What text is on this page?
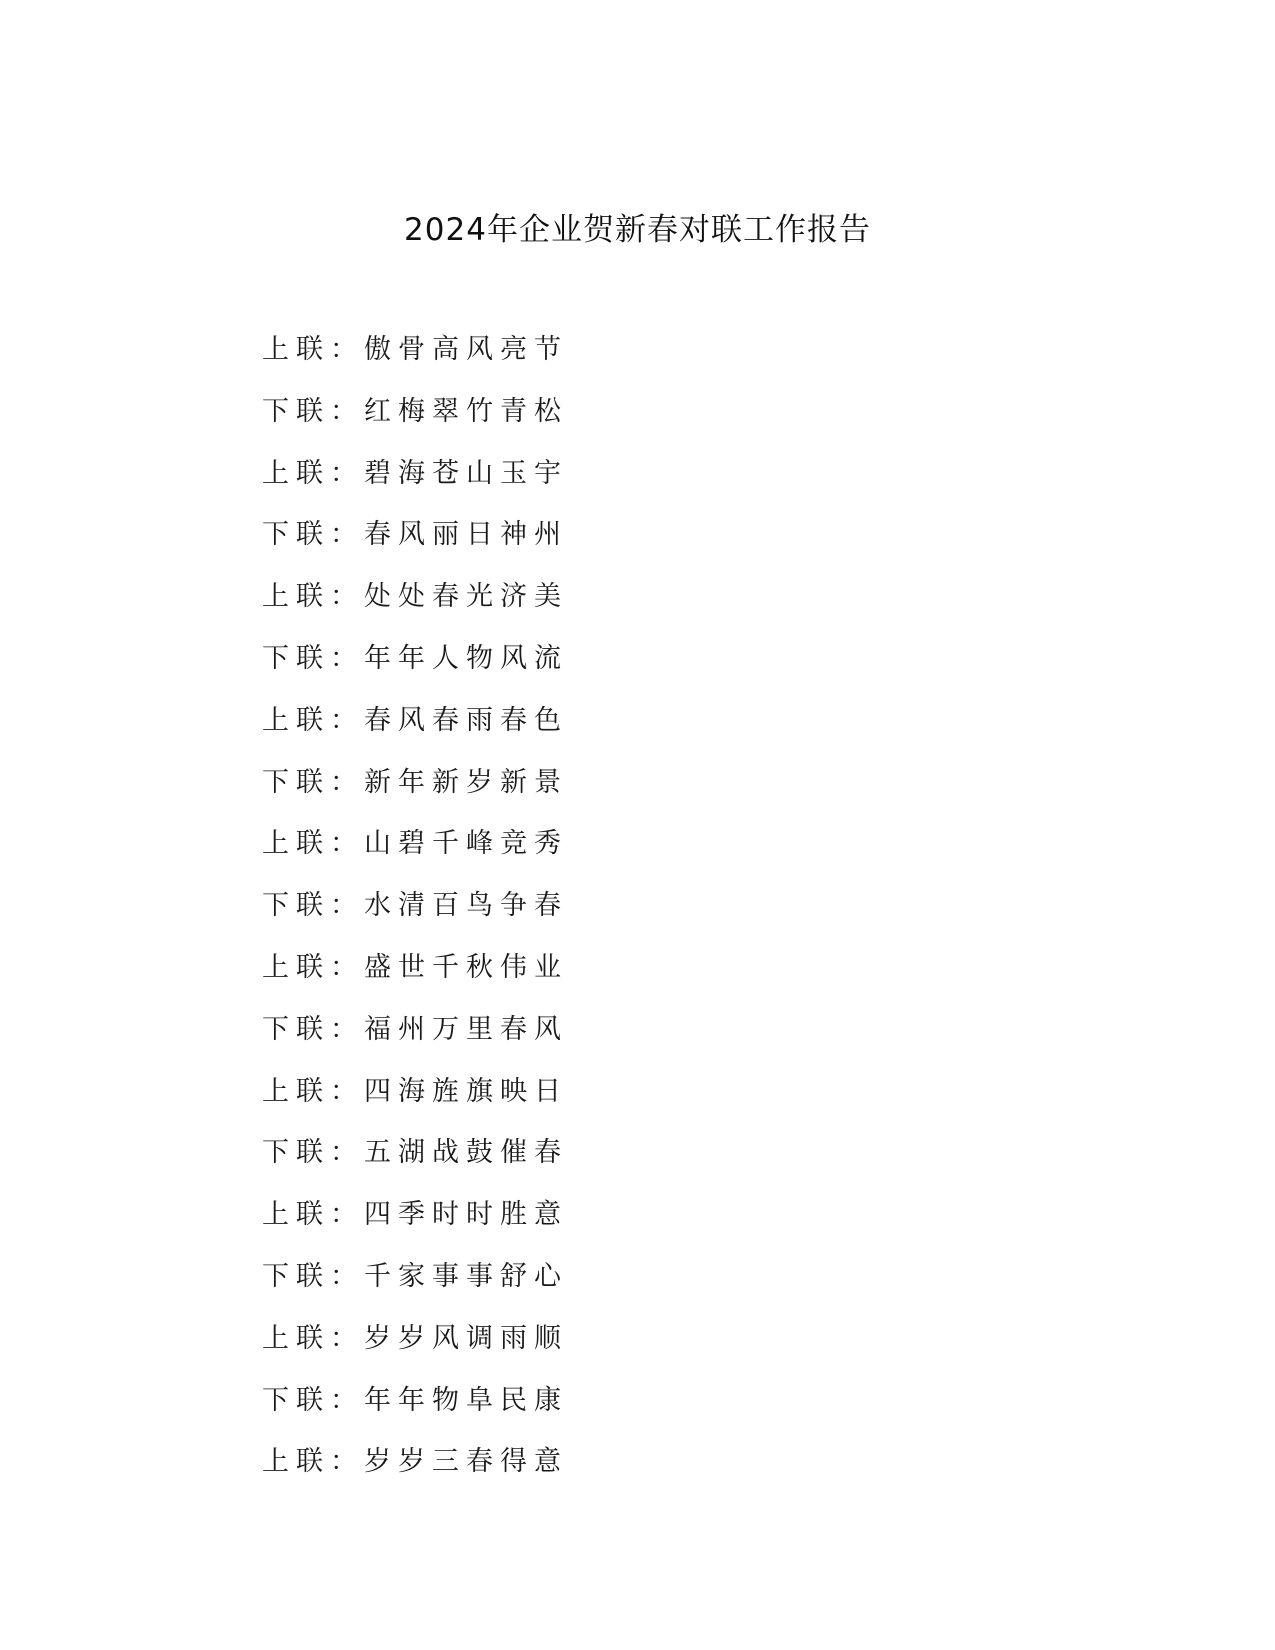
2024年企业贺新春对联工作报告
上联：傲骨高风亮节
下联：红梅翠竹青松
上联：碧海苍山玉宇
下联：春风丽日神州
上联：处处春光济美
下联：年年人物风流
上联：春风春雨春色
下联：新年新岁新景
上联：山碧千峰竞秀
下联：水清百鸟争春
上联：盛世千秋伟业
下联：福州万里春风
上联：四海旌旗映日
下联：五湖战鼓催春
上联：四季时时胜意
下联：千家事事舒心
上联：岁岁风调雨顺
下联：年年物阜民康
上联：岁岁三春得意
